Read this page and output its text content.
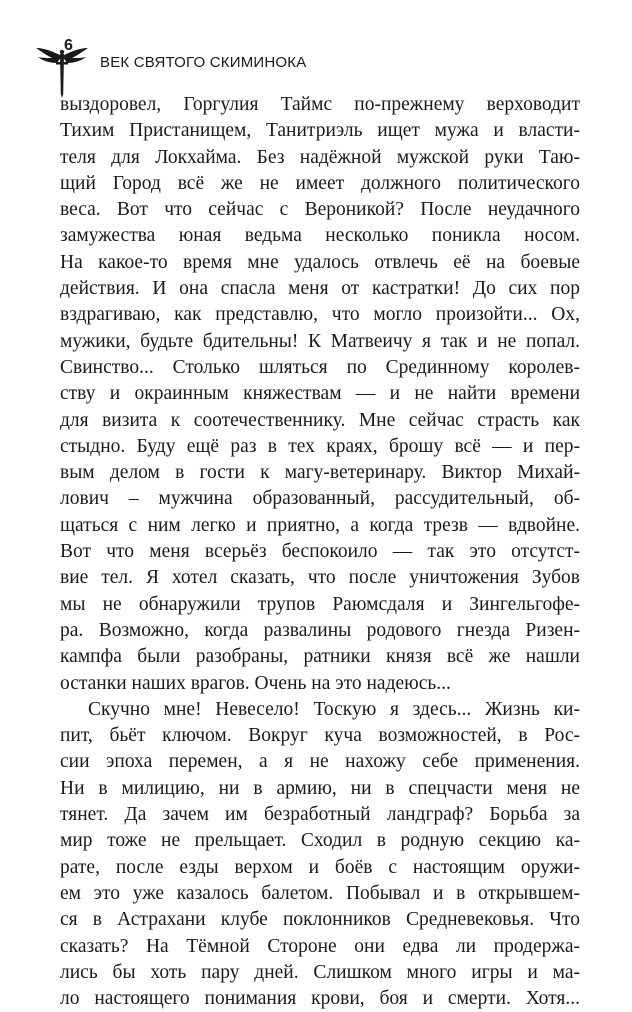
6
ВЕК СВЯТОГО СКИМИНОКА
выздоровел, Горгулия Таймс по-прежнему верховодит
Тихим Пристанищем, Танитриэль ищет мужа и власти-
теля для Локхайма. Без надёжной мужской руки Таю-
щий Город всё же не имеет должного политического
веса. Вот что сейчас с Вероникой? После неудачного
замужества юная ведьма несколько поникла носом.
На какое-то время мне удалось отвлечь её на боевые
действия. И она спасла меня от кастратки! До сих пор
вздрагиваю, как представлю, что могло произойти... Ох,
мужики, будьте бдительны! К Матвеичу я так и не попал.
Свинство... Столько шляться по Срединному королев-
ству и окраинным княжествам — и не найти времени
для визита к соотечественнику. Мне сейчас страсть как
стыдно. Буду ещё раз в тех краях, брошу всё — и пер-
вым делом в гости к магу-ветеринару. Виктор Михай-
лович – мужчина образованный, рассудительный, об-
щаться с ним легко и приятно, а когда трезв — вдвойне.
Вот что меня всерьёз беспокоило — так это отсутст-
вие тел. Я хотел сказать, что после уничтожения Зубов
мы не обнаружили трупов Раюмсдаля и Зингельгофе-
ра. Возможно, когда развалины родового гнезда Ризен-
кампфа были разобраны, ратники князя всё же нашли
останки наших врагов. Очень на это надеюсь...
Скучно мне! Невесело! Тоскую я здесь... Жизнь ки-
пит, бьёт ключом. Вокруг куча возможностей, в Рос-
сии эпоха перемен, а я не нахожу себе применения.
Ни в милицию, ни в армию, ни в спецчасти меня не
тянет. Да зачем им безработный ландграф? Борьба за
мир тоже не прельщает. Сходил в родную секцию ка-
рате, после езды верхом и боёв с настоящим оружи-
ем это уже казалось балетом. Побывал и в открывшем-
ся в Астрахани клубе поклонников Средневековья. Что
сказать? На Тёмной Стороне они едва ли продержа-
лись бы хоть пару дней. Слишком много игры и ма-
ло настоящего понимания крови, боя и смерти. Хотя...
